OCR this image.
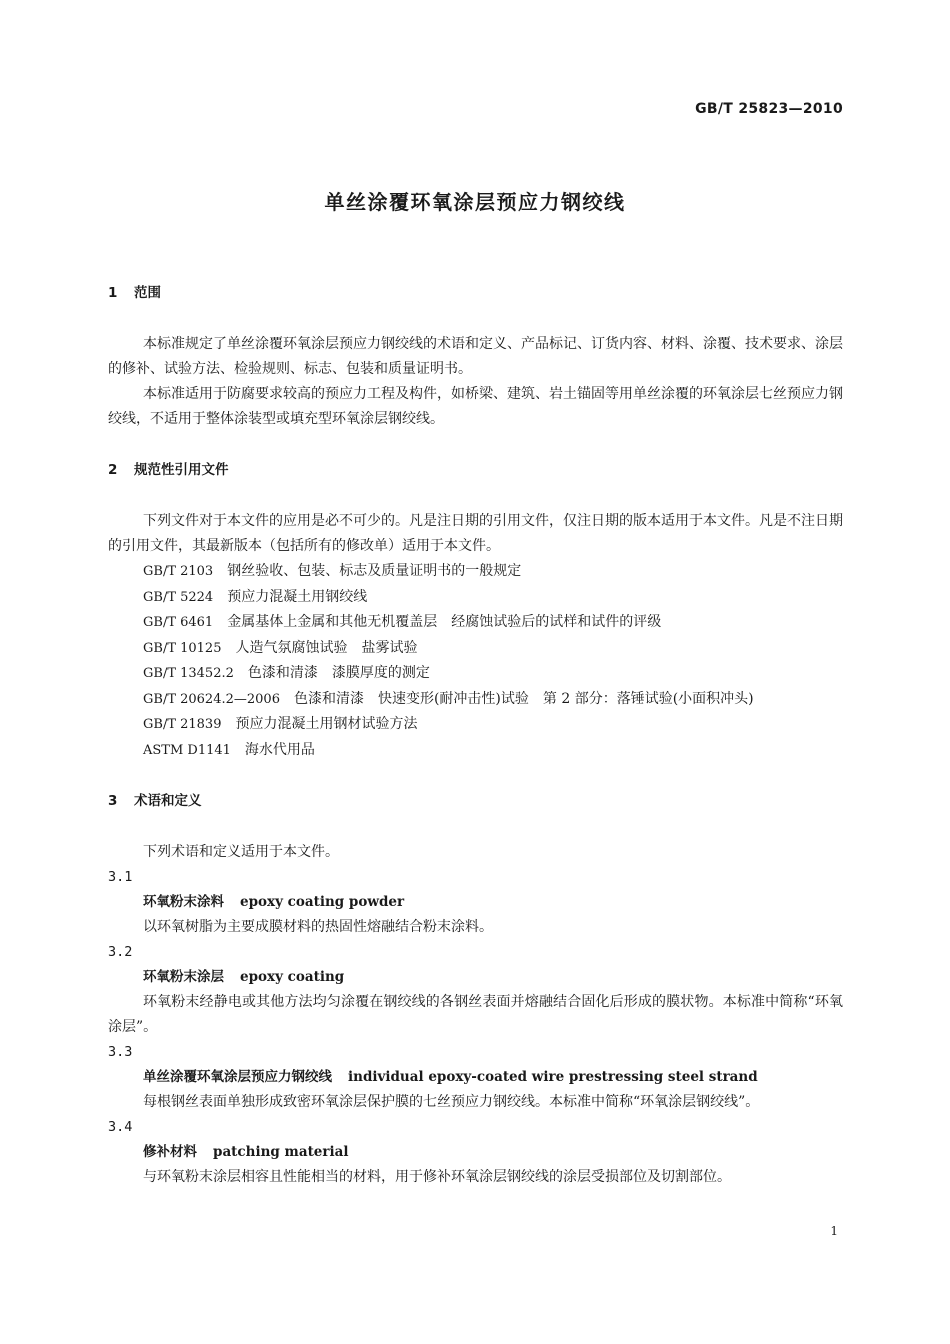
GB/T 25823—2010
单丝涂覆环氧涂层预应力钢绞线
1 范围

本标准规定了单丝涂覆环氧涂层预应力钢绞线的术语和定义、产品标记、订货内容、材料、涂覆、技术要求、涂层的修补、试验方法、检验规则、标志、包装和质量证明书。

本标准适用于防腐要求较高的预应力工程及构件，如桥梁、建筑、岩土锚固等用单丝涂覆的环氧涂层七丝预应力钢绞线，不适用于整体涂装型或填充型环氧涂层钢绞线。

2 规范性引用文件

下列文件对于本文件的应用是必不可少的。凡是注日期的引用文件，仅注日期的版本适用于本文件。凡是不注日期的引用文件，其最新版本（包括所有的修改单）适用于本文件。

GB/T 2103 钢丝验收、包装、标志及质量证明书的一般规定
GB/T 5224 预应力混凝土用钢绞线
GB/T 6461 金属基体上金属和其他无机覆盖层　经腐蚀试验后的试样和试件的评级
GB/T 10125 人造气氛腐蚀试验　盐雾试验
GB/T 13452.2 色漆和清漆　漆膜厚度的测定
GB/T 20624.2—2006 色漆和清漆　快速变形(耐冲击性)试验　第 2 部分：落锤试验(小面积冲头)
GB/T 21839 预应力混凝土用钢材试验方法
ASTM D1141 海水代用品
3 术语和定义

下列术语和定义适用于本文件。

3.1
环氧粉末涂料 epoxy coating powder

以环氧树脂为主要成膜材料的热固性熔融结合粉末涂料。

3.2
环氧粉末涂层 epoxy coating

环氧粉末经静电或其他方法均匀涂覆在钢绞线的各钢丝表面并熔融结合固化后形成的膜状物。本标准中简称“环氧涂层”。

3.3
单丝涂覆环氧涂层预应力钢绞线 individual epoxy-coated wire prestressing steel strand

每根钢丝表面单独形成致密环氧涂层保护膜的七丝预应力钢绞线。本标准中简称“环氧涂层钢绞线”。

3.4
修补材料 patching material

与环氧粉末涂层相容且性能相当的材料，用于修补环氧涂层钢绞线的涂层受损部位及切割部位。

1
